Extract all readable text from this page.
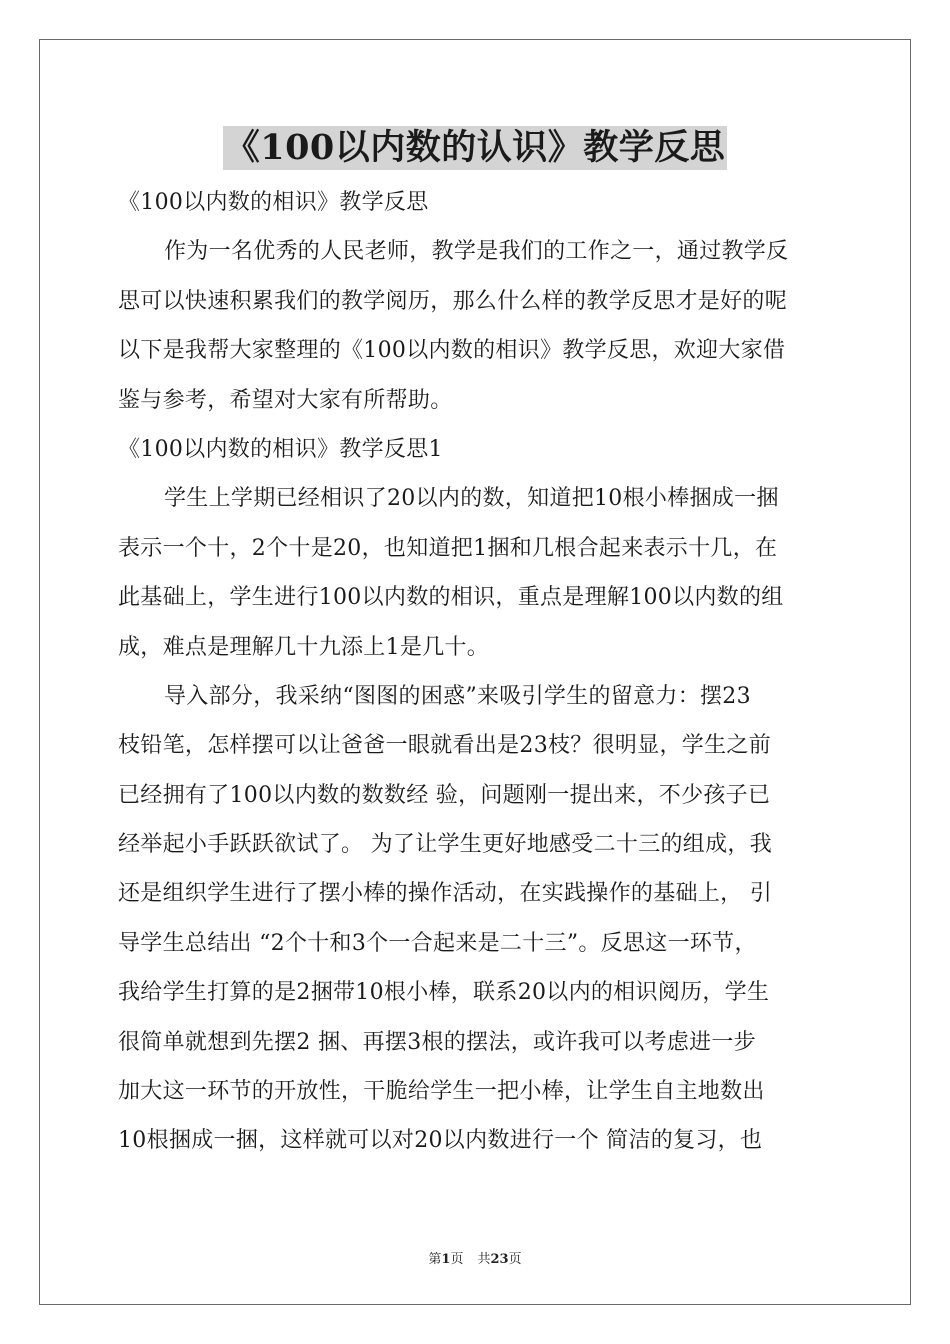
《100以内数的认识》教学反思
《100以内数的相识》教学反思
作为一名优秀的人民老师，教学是我们的工作之一，通过教学反
思可以快速积累我们的教学阅历，那么什么样的教学反思才是好的呢
以下是我帮大家整理的《100以内数的相识》教学反思，欢迎大家借
鉴与参考，希望对大家有所帮助。
《100以内数的相识》教学反思1
学生上学期已经相识了20以内的数，知道把10根小棒捆成一捆
表示一个十，2个十是20，也知道把1捆和几根合起来表示十几，在
此基础上，学生进行100以内数的相识，重点是理解100以内数的组
成，难点是理解几十九添上1是几十。
导入部分，我采纳“图图的困惑”来吸引学生的留意力：摆23
枝铅笔，怎样摆可以让爸爸一眼就看出是23枝？很明显，学生之前
已经拥有了100以内数的数数经 验，问题刚一提出来，不少孩子已
经举起小手跃跃欲试了。 为了让学生更好地感受二十三的组成，我
还是组织学生进行了摆小棒的操作活动，在实践操作的基础上， 引
导学生总结出 “2个十和3个一合起来是二十三”。反思这一环节，
我给学生打算的是2捆带10根小棒，联系20以内的相识阅历，学生
很简单就想到先摆2 捆、再摆3根的摆法，或许我可以考虑进一步
加大这一环节的开放性，干脆给学生一把小棒，让学生自主地数出
10根捆成一捆，这样就可以对20以内数进行一个 简洁的复习，也
第1页 共23页
